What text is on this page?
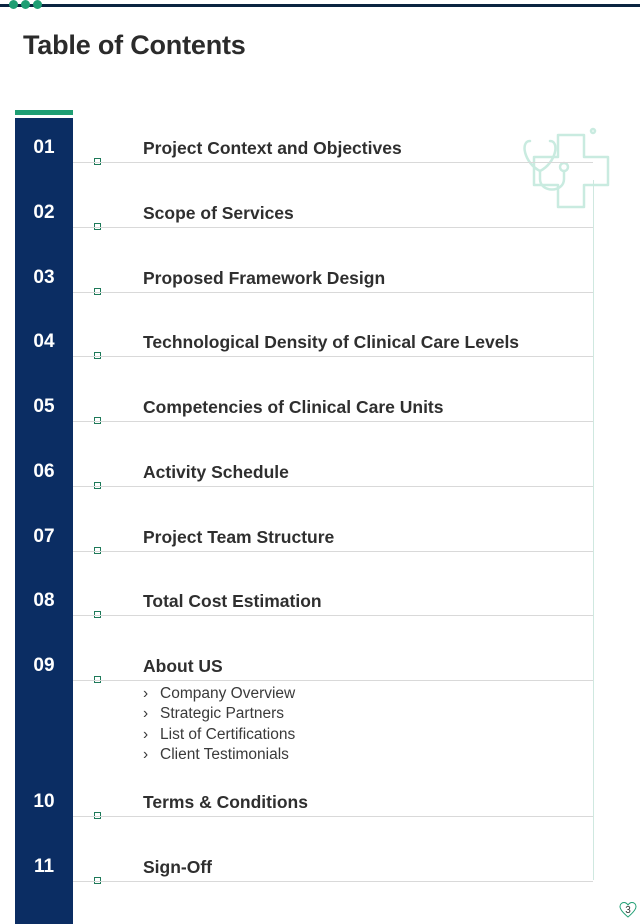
Table of Contents
01	Project Context and Objectives
02	Scope of Services
03	Proposed Framework Design
04	Technological Density of Clinical Care Levels
05	Competencies of Clinical Care Units
06	Activity Schedule
07	Project Team Structure
08	Total Cost Estimation
09	About US
› Company Overview
› Strategic Partners
› List of Certifications
› Client Testimonials
10	Terms & Conditions
11	Sign-Off
3
